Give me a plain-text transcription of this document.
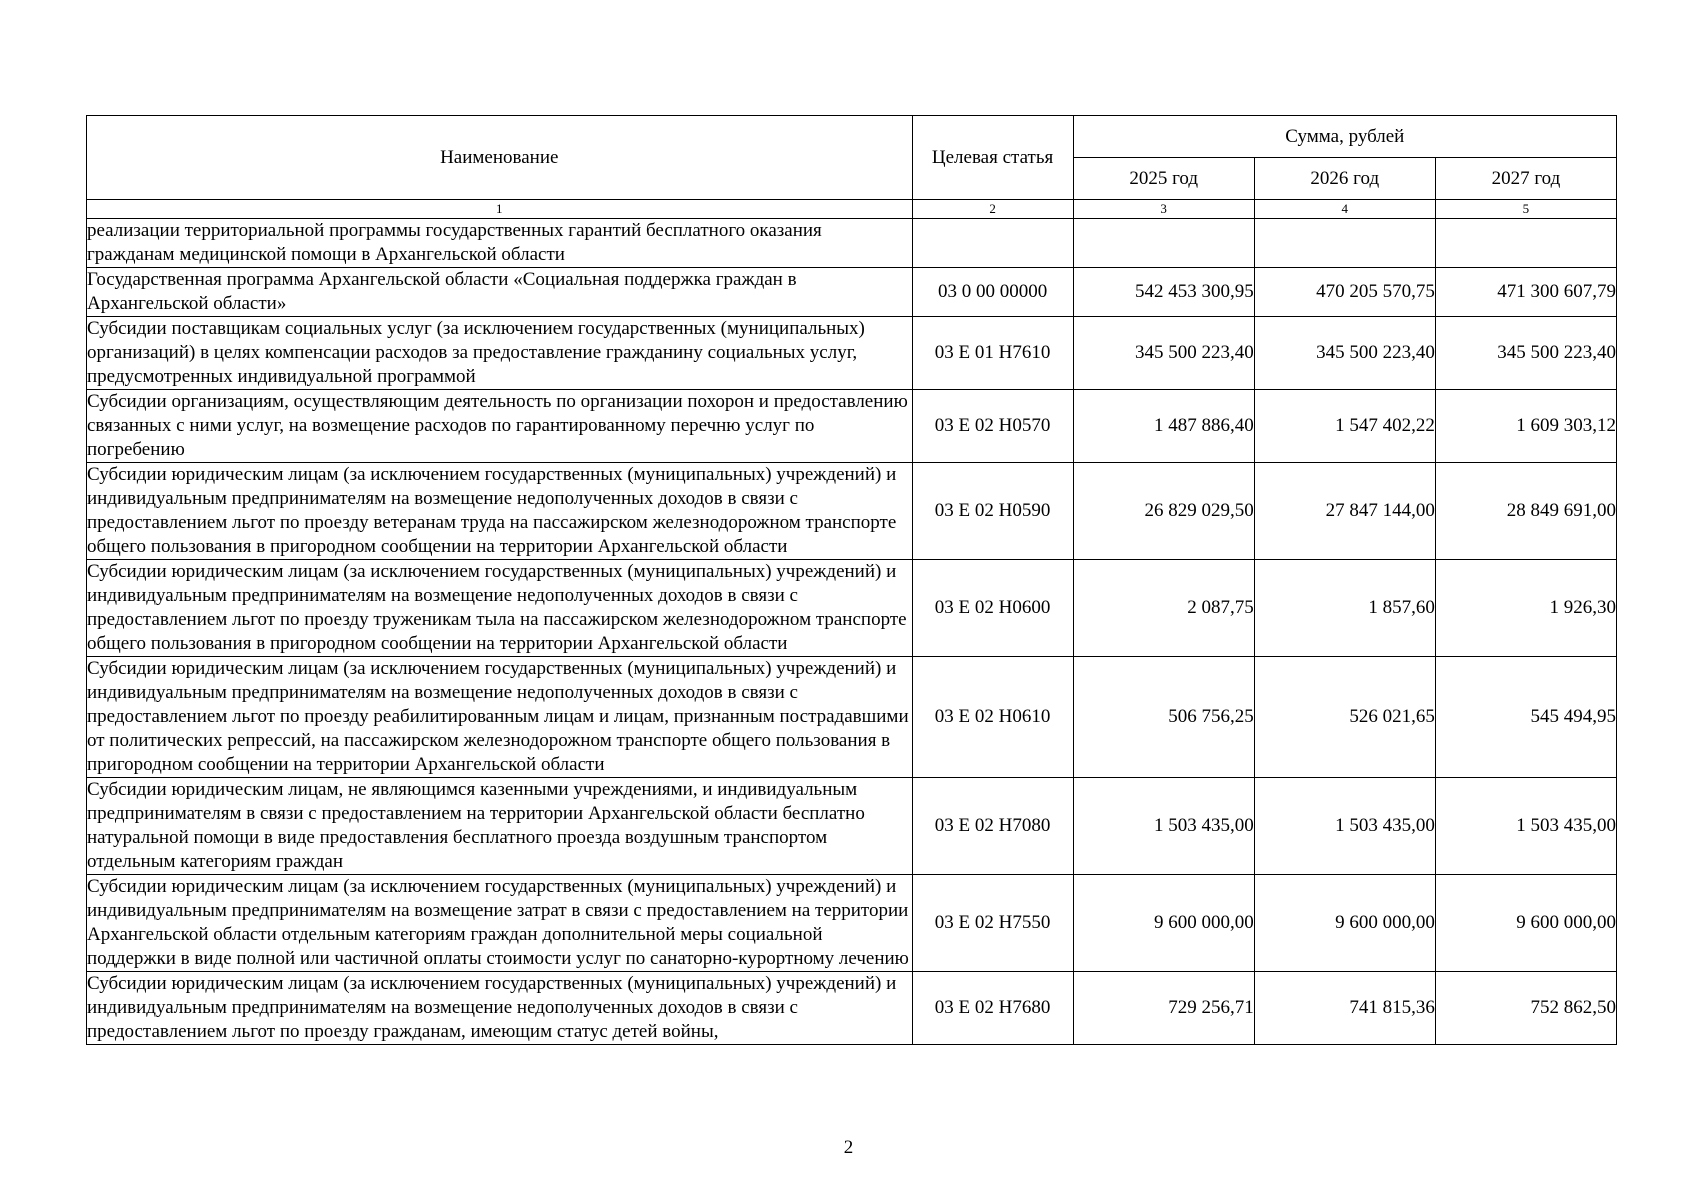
Наименование	Целевая статья	Сумма, рублей		
		2025 год	2026 год	2027 год
1	2	3	4	5
реализации территориальной программы государственных гарантий бесплатного оказания гражданам медицинской помощи в Архангельской области				
Государственная программа Архангельской области «Социальная поддержка граждан в Архангельской области»	03 0 00 00000	542 453 300,95	470 205 570,75	471 300 607,79
Субсидии поставщикам социальных услуг (за исключением государственных (муниципальных) организаций) в целях компенсации расходов за предоставление гражданину социальных услуг, предусмотренных индивидуальной программой	03 Е 01 Н7610	345 500 223,40	345 500 223,40	345 500 223,40
Субсидии организациям, осуществляющим деятельность по организации похорон и предоставлению связанных с ними услуг, на возмещение расходов по гарантированному перечню услуг по погребению	03 Е 02 Н0570	1 487 886,40	1 547 402,22	1 609 303,12
Субсидии юридическим лицам (за исключением государственных (муниципальных) учреждений) и индивидуальным предпринимателям на возмещение недополученных доходов в связи с предоставлением льгот по проезду ветеранам труда на пассажирском железнодорожном транспорте общего пользования в пригородном сообщении на территории Архангельской области	03 Е 02 Н0590	26 829 029,50	27 847 144,00	28 849 691,00
Субсидии юридическим лицам (за исключением государственных (муниципальных) учреждений) и индивидуальным предпринимателям на возмещение недополученных доходов в связи с предоставлением льгот по проезду труженикам тыла на пассажирском железнодорожном транспорте общего пользования в пригородном сообщении на территории Архангельской области	03 Е 02 Н0600	2 087,75	1 857,60	1 926,30
Субсидии юридическим лицам (за исключением государственных (муниципальных) учреждений) и индивидуальным предпринимателям на возмещение недополученных доходов в связи с предоставлением льгот по проезду реабилитированным лицам и лицам, признанным пострадавшими от политических репрессий, на пассажирском железнодорожном транспорте общего пользования в пригородном сообщении на территории Архангельской области	03 Е 02 Н0610	506 756,25	526 021,65	545 494,95
Субсидии юридическим лицам, не являющимся казенными учреждениями, и индивидуальным предпринимателям в связи с предоставлением на территории Архангельской области бесплатно натуральной помощи в виде предоставления бесплатного проезда воздушным транспортом отдельным категориям граждан	03 Е 02 Н7080	1 503 435,00	1 503 435,00	1 503 435,00
Субсидии юридическим лицам (за исключением государственных (муниципальных) учреждений) и индивидуальным предпринимателям на возмещение затрат в связи с предоставлением на территории Архангельской области отдельным категориям граждан дополнительной меры социальной поддержки в виде полной или частичной оплаты стоимости услуг по санаторно-курортному лечению	03 Е 02 Н7550	9 600 000,00	9 600 000,00	9 600 000,00
Субсидии юридическим лицам (за исключением государственных (муниципальных) учреждений) и индивидуальным предпринимателям на возмещение недополученных доходов в связи с предоставлением льгот по проезду гражданам, имеющим статус детей войны,	03 Е 02 Н7680	729 256,71	741 815,36	752 862,50
2
